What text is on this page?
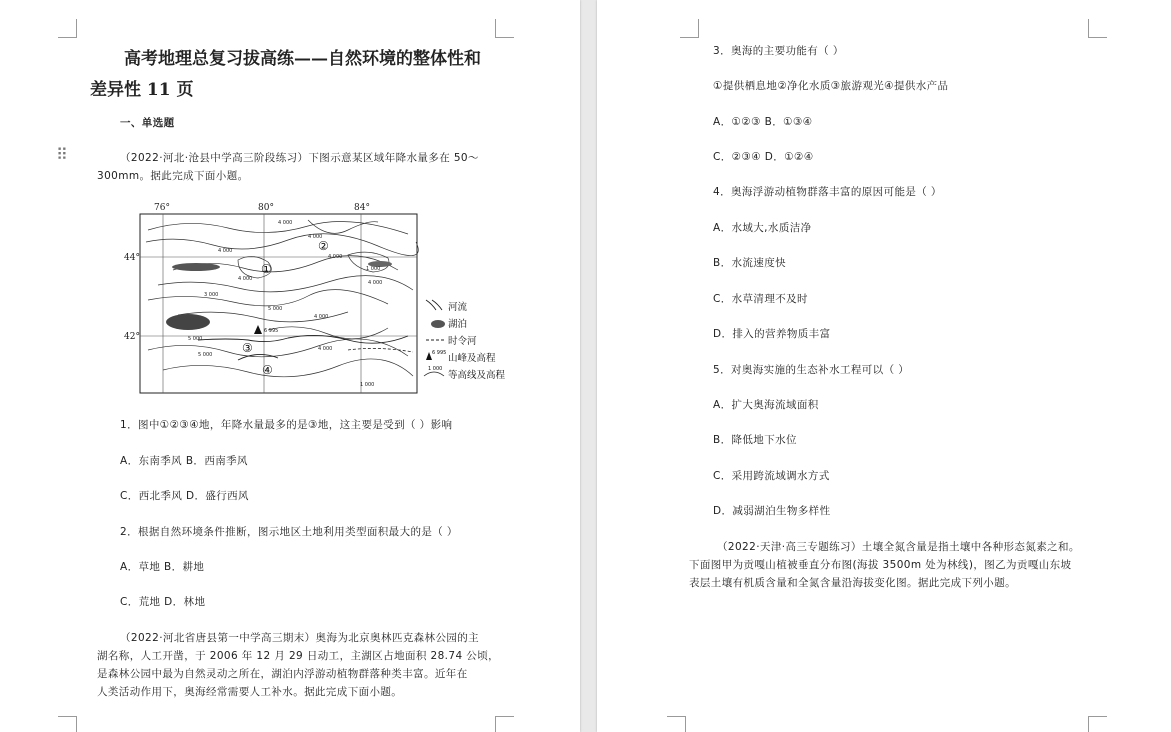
高考地理总复习拔高练——自然环境的整体性和
差异性 11 页
一、单选题
⠿	（2022·河北·沧县中学高三阶段练习）下图示意某区域年降水量多在 50～
300mm。据此完成下面小题。
76°	80°	84°
44°
42°
6 995
4 000
4 000
4 000
4 000
4 000
3 000
5 000
5 000
4 000
5 000
4 000
1 000
4 000
1 000
①
②
③
④
河流
湖泊
时令河
6 995 山峰及高程
1 000
等高线及高程
1．图中①②③④地，年降水量最多的是③地，这主要是受到（ ）影响
A．东南季风 B．西南季风
C．西北季风 D．盛行西风
2．根据自然环境条件推断，图示地区土地利用类型面积最大的是（ ）
A．草地 B．耕地
C．荒地 D．林地
（2022·河北省唐县第一中学高三期末）奥海为北京奥林匹克森林公园的主
湖名称，人工开凿，于 2006 年 12 月 29 日动工，主湖区占地面积 28.74 公顷，
是森林公园中最为自然灵动之所在，湖泊内浮游动植物群落种类丰富。近年在
人类活动作用下，奥海经常需要人工补水。据此完成下面小题。
3．奥海的主要功能有（ ）
①提供栖息地②净化水质③旅游观光④提供水产品
A．①②③ B．①③④
C．②③④ D．①②④
4．奥海浮游动植物群落丰富的原因可能是（ ）
A．水域大,水质洁净
B．水流速度快
C．水草清理不及时
D．排入的营养物质丰富
5．对奥海实施的生态补水工程可以（ ）
A．扩大奥海流域面积
B．降低地下水位
C．采用跨流域调水方式
D．减弱湖泊生物多样性
（2022·天津·高三专题练习）土壤全氮含量是指土壤中各种形态氮素之和。
下面图甲为贡嘎山植被垂直分布图(海拔 3500m 处为林线)，图乙为贡嘎山东坡
表层土壤有机质含量和全氮含量沿海拔变化图。据此完成下列小题。
